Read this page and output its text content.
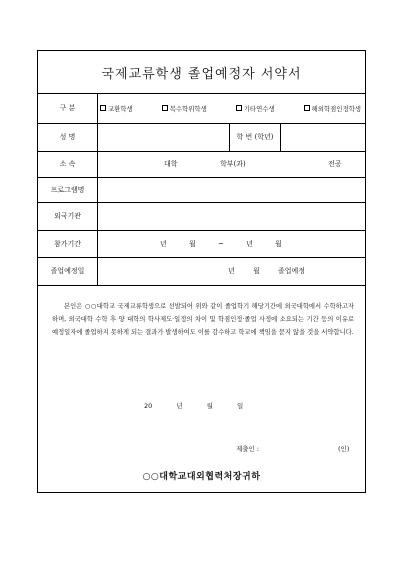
국제교류학생 졸업예정자 서약서
구 분	교환학생	복수학위학생	기타연수생	해외학점인정학생
성 명	학 번 (학년)
소 속	대학	학부(과)	전공
프로그램명
외국기관
참가기간	년 월 ~ 년 월
졸업예정일	년 월 졸업예정
본인은 ○○대학교 국제교류학생으로 선발되어 위와 같이 졸업학기 해당기간에 외국대학에서 수학하고자 하며, 외국대학 수학 후 양 대학의 학사제도·일정의 차이 및 학점인정·졸업 사정에 소요되는 기간 등의 이유로 예정일자에 졸업하지 못하게 되는 결과가 발생하여도 이를 감수하고 학교에 책임을 묻지 않을 것을 서약합니다.
20 년 월 일
제출인 :	(인)
○○대학교대외협력처장귀하
